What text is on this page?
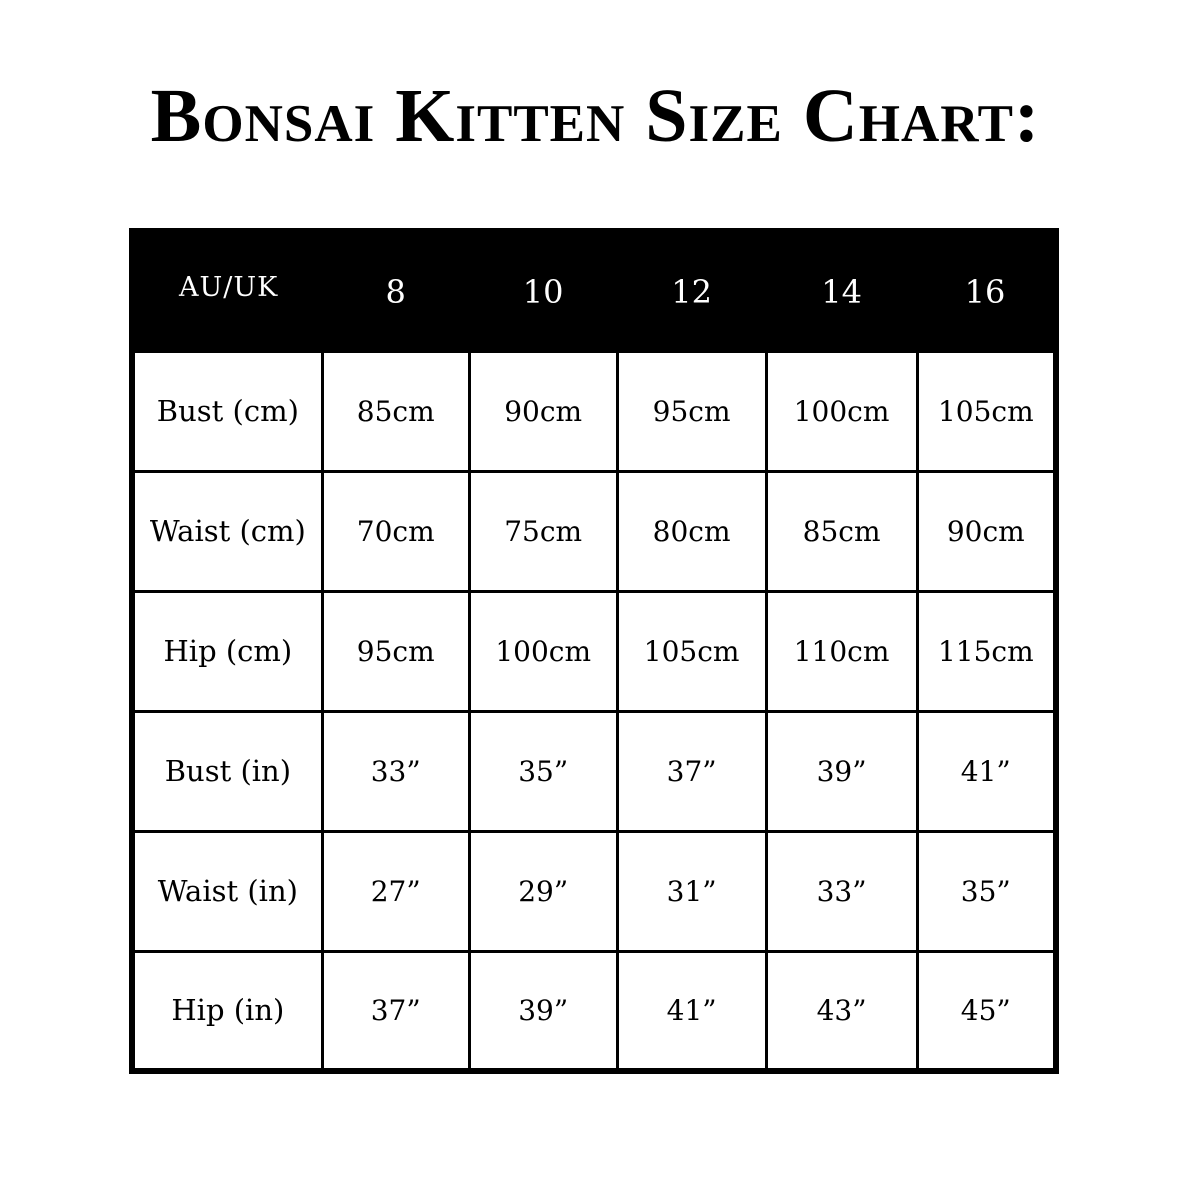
Bonsai Kitten Size Chart:
AU/UK	8	10	12	14	16
Bust (cm)	85cm	90cm	95cm	100cm	105cm
Waist (cm)	70cm	75cm	80cm	85cm	90cm
Hip (cm)	95cm	100cm	105cm	110cm	115cm
Bust (in)	33”	35”	37”	39”	41”
Waist (in)	27”	29”	31”	33”	35”
Hip (in)	37”	39”	41”	43”	45”
